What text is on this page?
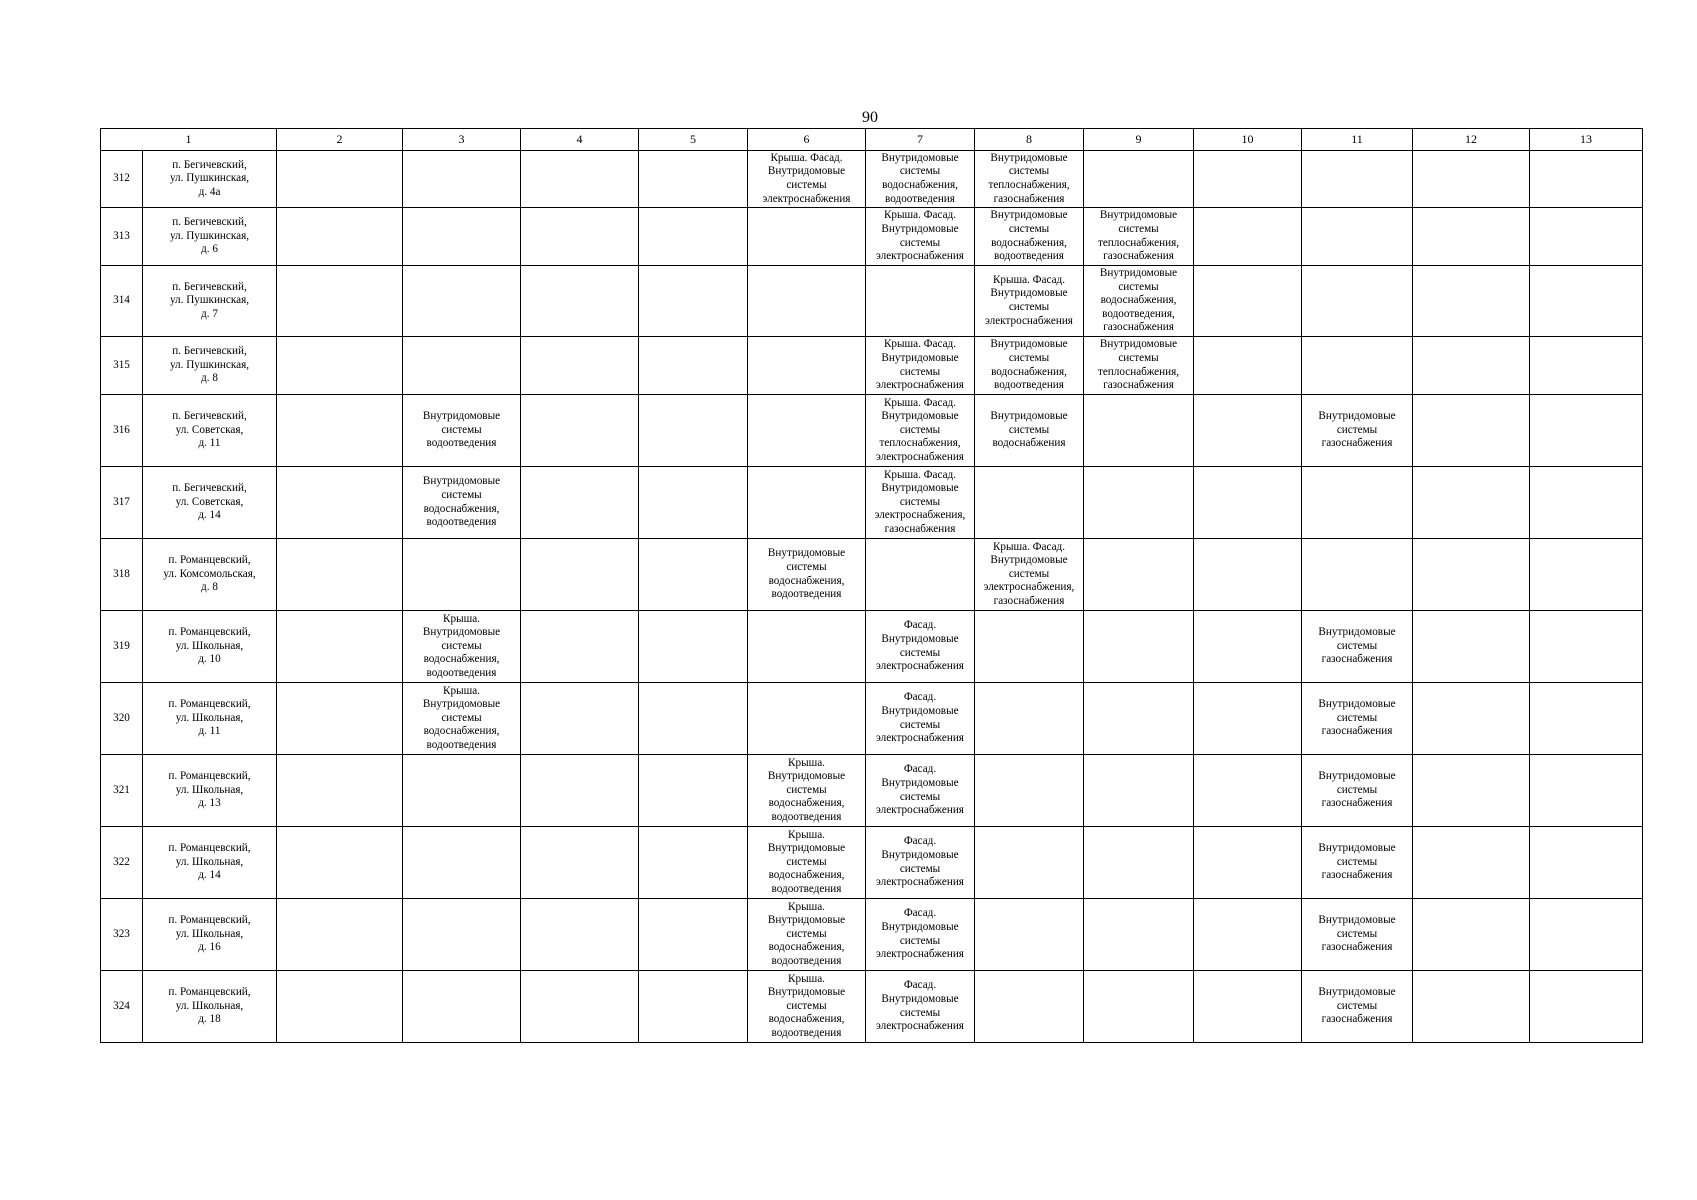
90
1		2	3	4	5	6	7	8	9	10	11	12	13
312	п. Бегичевский,
ул. Пушкинская,
д. 4а					Крыша. Фасад.
Внутридомовые
системы
электроснабжения	Внутридомовые
системы
водоснабжения,
водоотведения	Внутридомовые
системы
теплоснабжения,
газоснабжения					

313	п. Бегичевский,
ул. Пушкинская,
д. 6						Крыша. Фасад.
Внутридомовые
системы
электроснабжения	Внутридомовые
системы
водоснабжения,
водоотведения	Внутридомовые
системы
теплоснабжения,
газоснабжения				

314	п. Бегичевский,
ул. Пушкинская,
д. 7							Крыша. Фасад.
Внутридомовые
системы
электроснабжения	Внутридомовые
системы
водоснабжения,
водоотведения,
газоснабжения				

315	п. Бегичевский,
ул. Пушкинская,
д. 8						Крыша. Фасад.
Внутридомовые
системы
электроснабжения	Внутридомовые
системы
водоснабжения,
водоотведения	Внутридомовые
системы
теплоснабжения,
газоснабжения				

316	п. Бегичевский,
ул. Советская,
д. 11		Внутридомовые
системы
водоотведения				Крыша. Фасад.
Внутридомовые
системы
теплоснабжения,
электроснабжения	Внутридомовые
системы
водоснабжения			Внутридомовые
системы
газоснабжения		

317	п. Бегичевский,
ул. Советская,
д. 14		Внутридомовые
системы
водоснабжения,
водоотведения				Крыша. Фасад.
Внутридомовые
системы
электроснабжения,
газоснабжения						

318	п. Романцевский,
ул. Комсомольская,
д. 8					Внутридомовые
системы
водоснабжения,
водоотведения		Крыша. Фасад.
Внутридомовые
системы
электроснабжения,
газоснабжения					

319	п. Романцевский,
ул. Школьная,
д. 10		Крыша.
Внутридомовые
системы
водоснабжения,
водоотведения				Фасад.
Внутридомовые
системы
электроснабжения				Внутридомовые
системы
газоснабжения		

320	п. Романцевский,
ул. Школьная,
д. 11		Крыша.
Внутридомовые
системы
водоснабжения,
водоотведения				Фасад.
Внутридомовые
системы
электроснабжения				Внутридомовые
системы
газоснабжения		

321	п. Романцевский,
ул. Школьная,
д. 13					Крыша.
Внутридомовые
системы
водоснабжения,
водоотведения	Фасад.
Внутридомовые
системы
электроснабжения				Внутридомовые
системы
газоснабжения		

322	п. Романцевский,
ул. Школьная,
д. 14					Крыша.
Внутридомовые
системы
водоснабжения,
водоотведения	Фасад.
Внутридомовые
системы
электроснабжения				Внутридомовые
системы
газоснабжения		

323	п. Романцевский,
ул. Школьная,
д. 16					Крыша.
Внутридомовые
системы
водоснабжения,
водоотведения	Фасад.
Внутридомовые
системы
электроснабжения				Внутридомовые
системы
газоснабжения		

324	п. Романцевский,
ул. Школьная,
д. 18					Крыша.
Внутридомовые
системы
водоснабжения,
водоотведения	Фасад.
Внутридомовые
системы
электроснабжения				Внутридомовые
системы
газоснабжения		
